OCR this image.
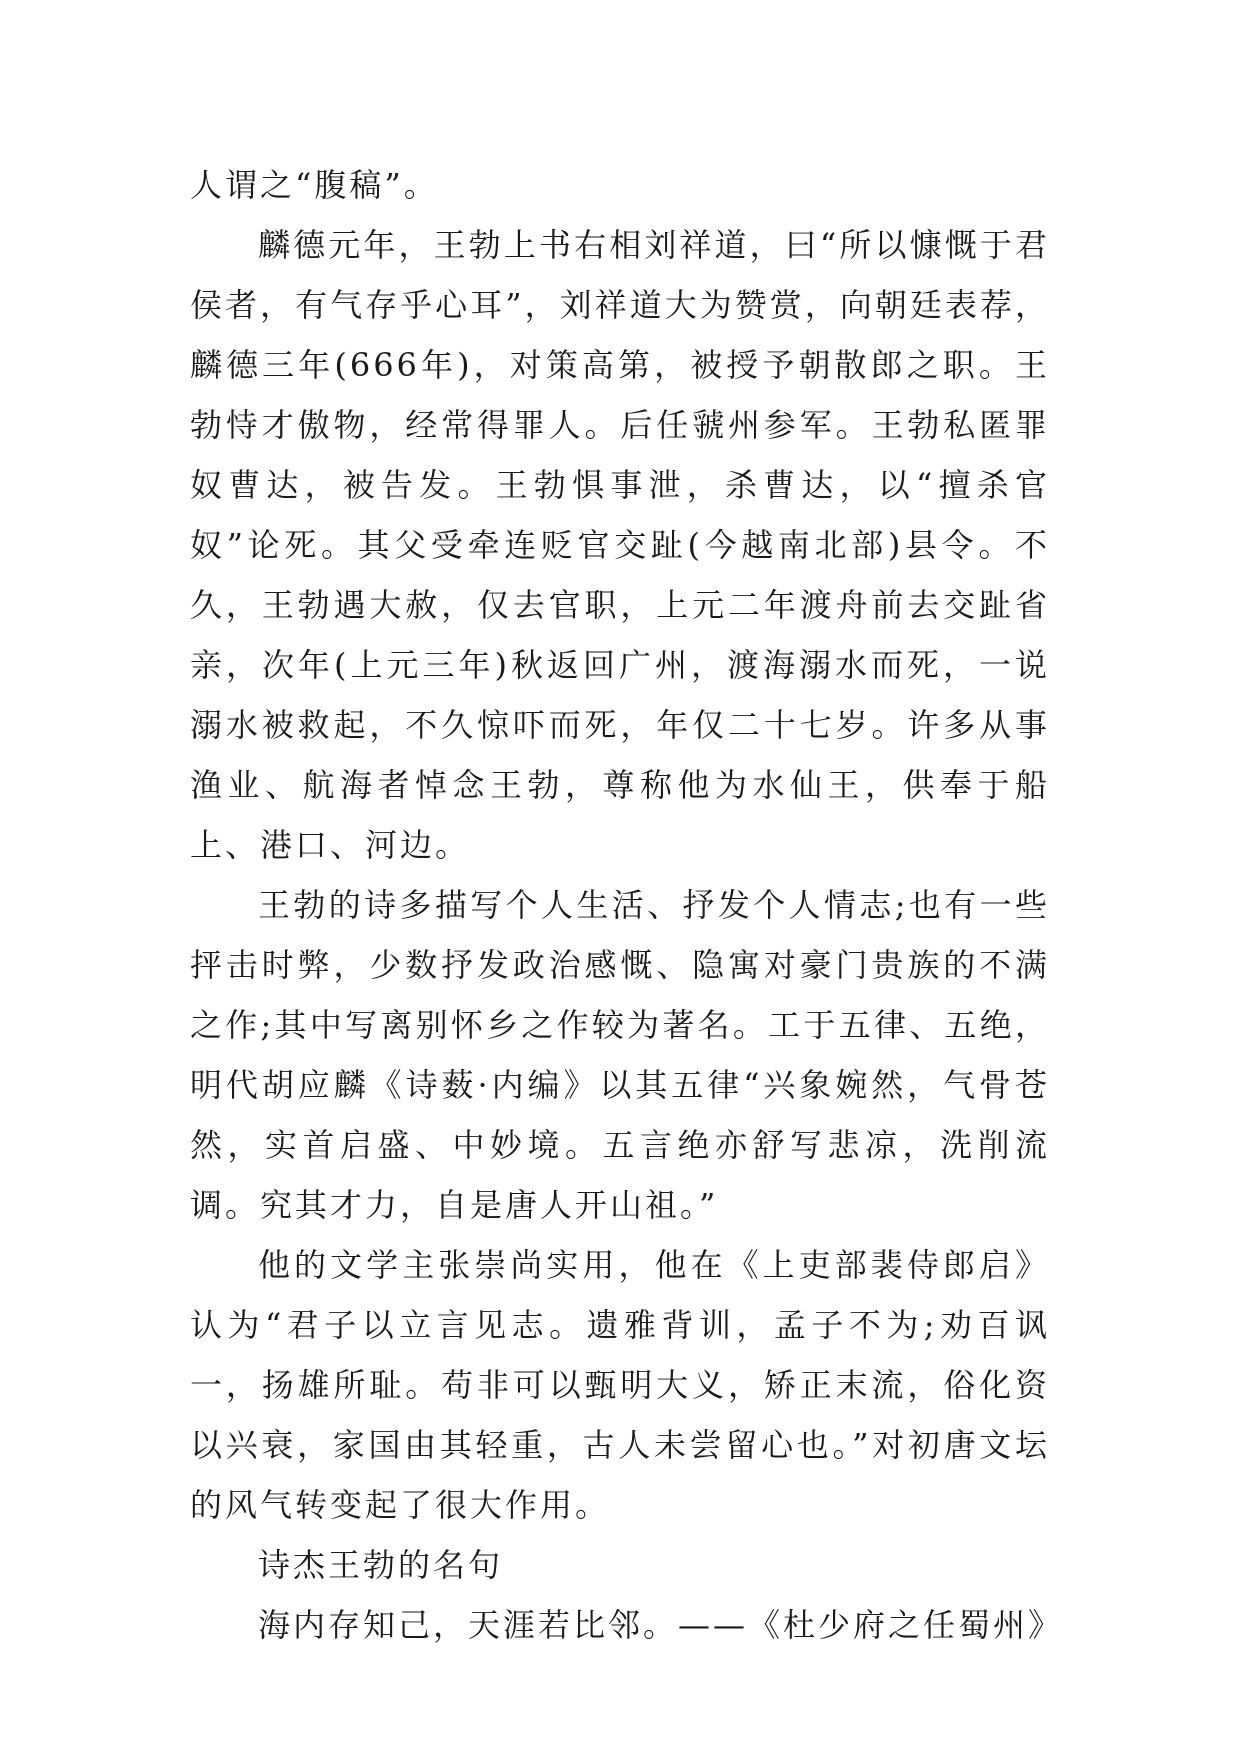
人谓之“腹稿”。

麟德元年，王勃上书右相刘祥道，曰“所以慷慨于君侯者，有气存乎心耳”，刘祥道大为赞赏，向朝廷表荐，麟德三年(666年)，对策高第，被授予朝散郎之职。王勃恃才傲物，经常得罪人。后任虢州参军。王勃私匿罪奴曹达，被告发。王勃惧事泄，杀曹达，以“擅杀官奴”论死。其父受牵连贬官交趾(今越南北部)县令。不久，王勃遇大赦，仅去官职，上元二年渡舟前去交趾省亲，次年(上元三年)秋返回广州，渡海溺水而死，一说溺水被救起，不久惊吓而死，年仅二十七岁。许多从事渔业、航海者悼念王勃，尊称他为水仙王，供奉于船上、港口、河边。

王勃的诗多描写个人生活、抒发个人情志;也有一些抨击时弊，少数抒发政治感慨、隐寓对豪门贵族的不满之作;其中写离别怀乡之作较为著名。工于五律、五绝，明代胡应麟《诗薮·内编》以其五律“兴象婉然，气骨苍然，实首启盛、中妙境。五言绝亦舒写悲凉，洗削流调。究其才力，自是唐人开山祖。”

他的文学主张崇尚实用，他在《上吏部裴侍郎启》认为“君子以立言见志。遗雅背训，孟子不为;劝百讽一，扬雄所耻。苟非可以甄明大义，矫正末流，俗化资以兴衰，家国由其轻重，古人未尝留心也。”对初唐文坛的风气转变起了很大作用。

诗杰王勃的名句

海内存知己，天涯若比邻。——《杜少府之任蜀州》
